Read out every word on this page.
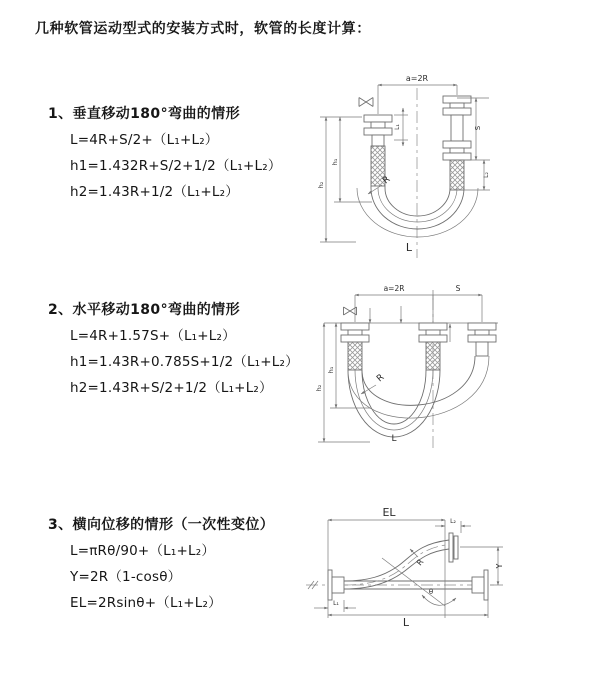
几种软管运动型式的安装方式时，软管的长度计算：

1、垂直移动180°弯曲的情形

L=4R+S/2+（L₁+L₂）

h1=1.432R+S/2+1/2（L₁+L₂）

h2=1.43R+1/2（L₁+L₂）

2、水平移动180°弯曲的情形

L=4R+1.57S+（L₁+L₂）

h1=1.43R+0.785S+1/2（L₁+L₂）

h2=1.43R+S/2+1/2（L₁+L₂）

3、横向位移的情形（一次性变位）

L=πRθ/90+（L₁+L₂）

Y=2R（1-cosθ）

EL=2Rsinθ+（L₁+L₂）

a=2R
h₁
h₂
L₁	S
L₂
R
L
a=2R	S
h₁
h₂
R
L
EL
L₂
Y
θ
R
L₁
L
